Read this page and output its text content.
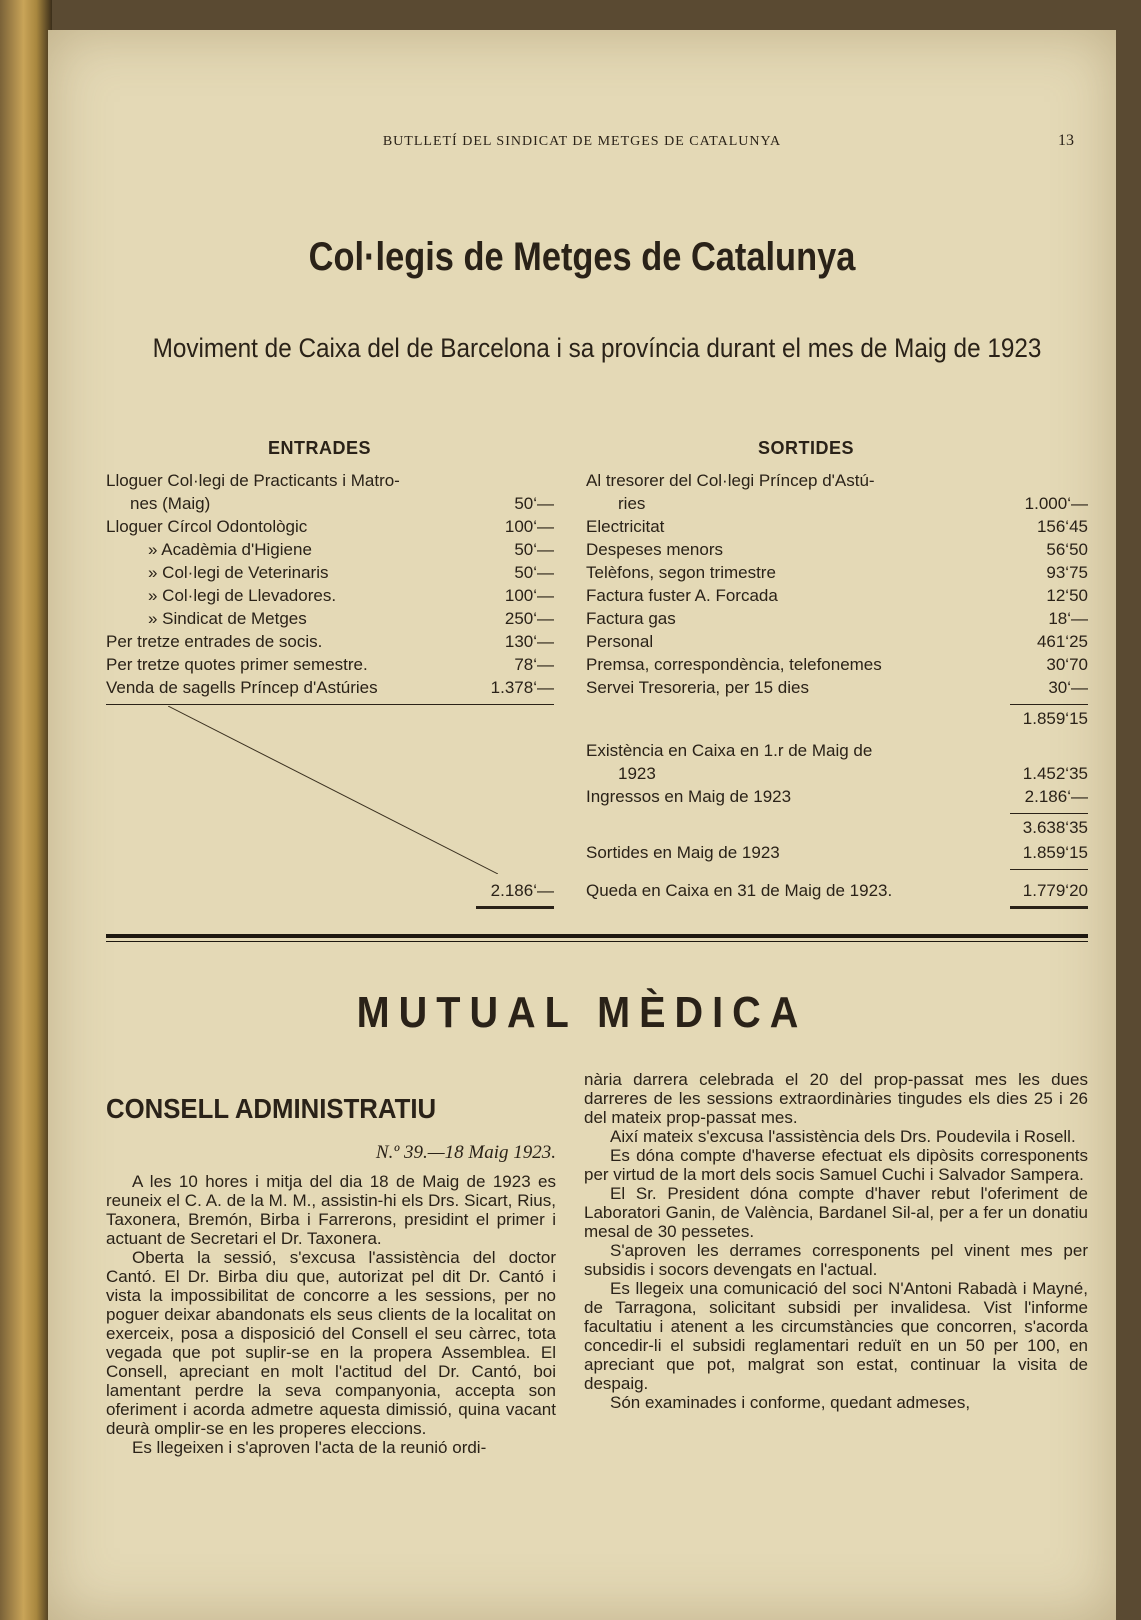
BUTLLETÍ DEL SINDICAT DE METGES DE CATALUNYA	13
Col·legis de Metges de Catalunya
Moviment de Caixa del de Barcelona i sa província durant el mes de Maig de 1923
ENTRADES	SORTIDES
Lloguer Col·legi de Practicants i Matro-
nes (Maig)	50‘—
Lloguer Círcol Odontològic	100‘—
» Acadèmia d'Higiene	50‘—
» Col·legi de Veterinaris	50‘—
» Col·legi de Llevadores.	100‘—
» Sindicat de Metges	250‘—
Per tretze entrades de socis.	130‘—
Per tretze quotes primer semestre.	78‘—
Venda de sagells Príncep d'Astúries	1.378‘—
2.186‘—
Al tresorer del Col·legi Príncep d'Astú-
ries	1.000‘—
Electricitat	156‘45
Despeses menors	56‘50
Telèfons, segon trimestre	93‘75
Factura fuster A. Forcada	12‘50
Factura gas	18‘—
Personal	461‘25
Premsa, correspondència, telefonemes	30‘70
Servei Tresoreria, per 15 dies	30‘—
1.859‘15
Existència en Caixa en 1.r de Maig de
1923	1.452‘35
Ingressos en Maig de 1923	2.186‘—
3.638‘35
Sortides en Maig de 1923	1.859‘15
Queda en Caixa en 31 de Maig de 1923.	1.779‘20
MUTUAL MÈDICA
CONSELL ADMINISTRATIU
N.º 39.—18 Maig 1923.

A les 10 hores i mitja del dia 18 de Maig de 1923 es reuneix el C. A. de la M. M., assistin-hi els Drs. Sicart, Rius, Taxonera, Bremón, Birba i Farrerons, presidint el primer i actuant de Secretari el Dr. Taxonera.

Oberta la sessió, s'excusa l'assistència del doctor Cantó. El Dr. Birba diu que, autorizat pel dit Dr. Cantó i vista la impossibilitat de concorre a les sessions, per no poguer deixar abandonats els seus clients de la localitat on exerceix, posa a disposició del Consell el seu càrrec, tota vegada que pot suplir-se en la propera Assemblea. El Consell, apreciant en molt l'actitud del Dr. Cantó, boi lamentant perdre la seva companyonia, accepta son oferiment i acorda admetre aquesta dimissió, quina vacant deurà omplir-se en les properes eleccions.

Es llegeixen i s'aproven l'acta de la reunió ordi-

nària darrera celebrada el 20 del prop-passat mes les dues darreres de les sessions extraordinàries tingudes els dies 25 i 26 del mateix prop-passat mes.

Així mateix s'excusa l'assistència dels Drs. Poudevila i Rosell.

Es dóna compte d'haverse efectuat els dipòsits corresponents per virtud de la mort dels socis Samuel Cuchi i Salvador Sampera.

El Sr. President dóna compte d'haver rebut l'oferiment de Laboratori Ganin, de València, Bardanel Sil-al, per a fer un donatiu mesal de 30 pessetes.

S'aproven les derrames corresponents pel vinent mes per subsidis i socors devengats en l'actual.

Es llegeix una comunicació del soci N'Antoni Rabadà i Mayné, de Tarragona, solicitant subsidi per invalidesa. Vist l'informe facultatiu i atenent a les circumstàncies que concorren, s'acorda concedir-li el subsidi reglamentari reduït en un 50 per 100, en apreciant que pot, malgrat son estat, continuar la visita de despaig.

Són examinades i conforme, quedant admeses,
